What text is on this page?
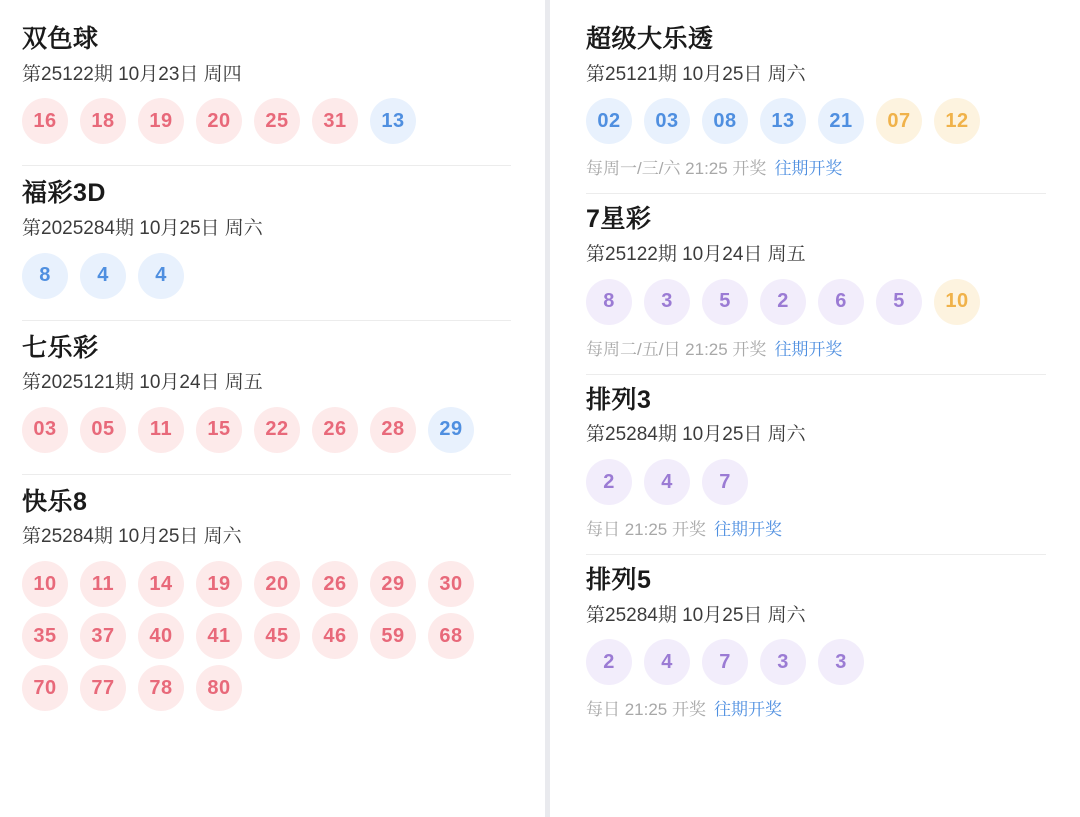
双色球
第25122期 10月23日 周四
16	18	19	20	25	31	13
福彩3D
第2025284期 10月25日 周六
8	4	4
七乐彩
第2025121期 10月24日 周五
03	05	11	15	22	26	28	29
快乐8
第25284期 10月25日 周六
10	11	14	19	20	26	29	30
35	37	40	41	45	46	59	68
70	77	78	80
超级大乐透
第25121期 10月25日 周六
02	03	08	13	21	07	12
每周一/三/六 21:25 开奖 往期开奖
7星彩
第25122期 10月24日 周五
8	3	5	2	6	5	10
每周二/五/日 21:25 开奖 往期开奖
排列3
第25284期 10月25日 周六
2	4	7
每日 21:25 开奖 往期开奖
排列5
第25284期 10月25日 周六
2	4	7	3	3
每日 21:25 开奖 往期开奖
